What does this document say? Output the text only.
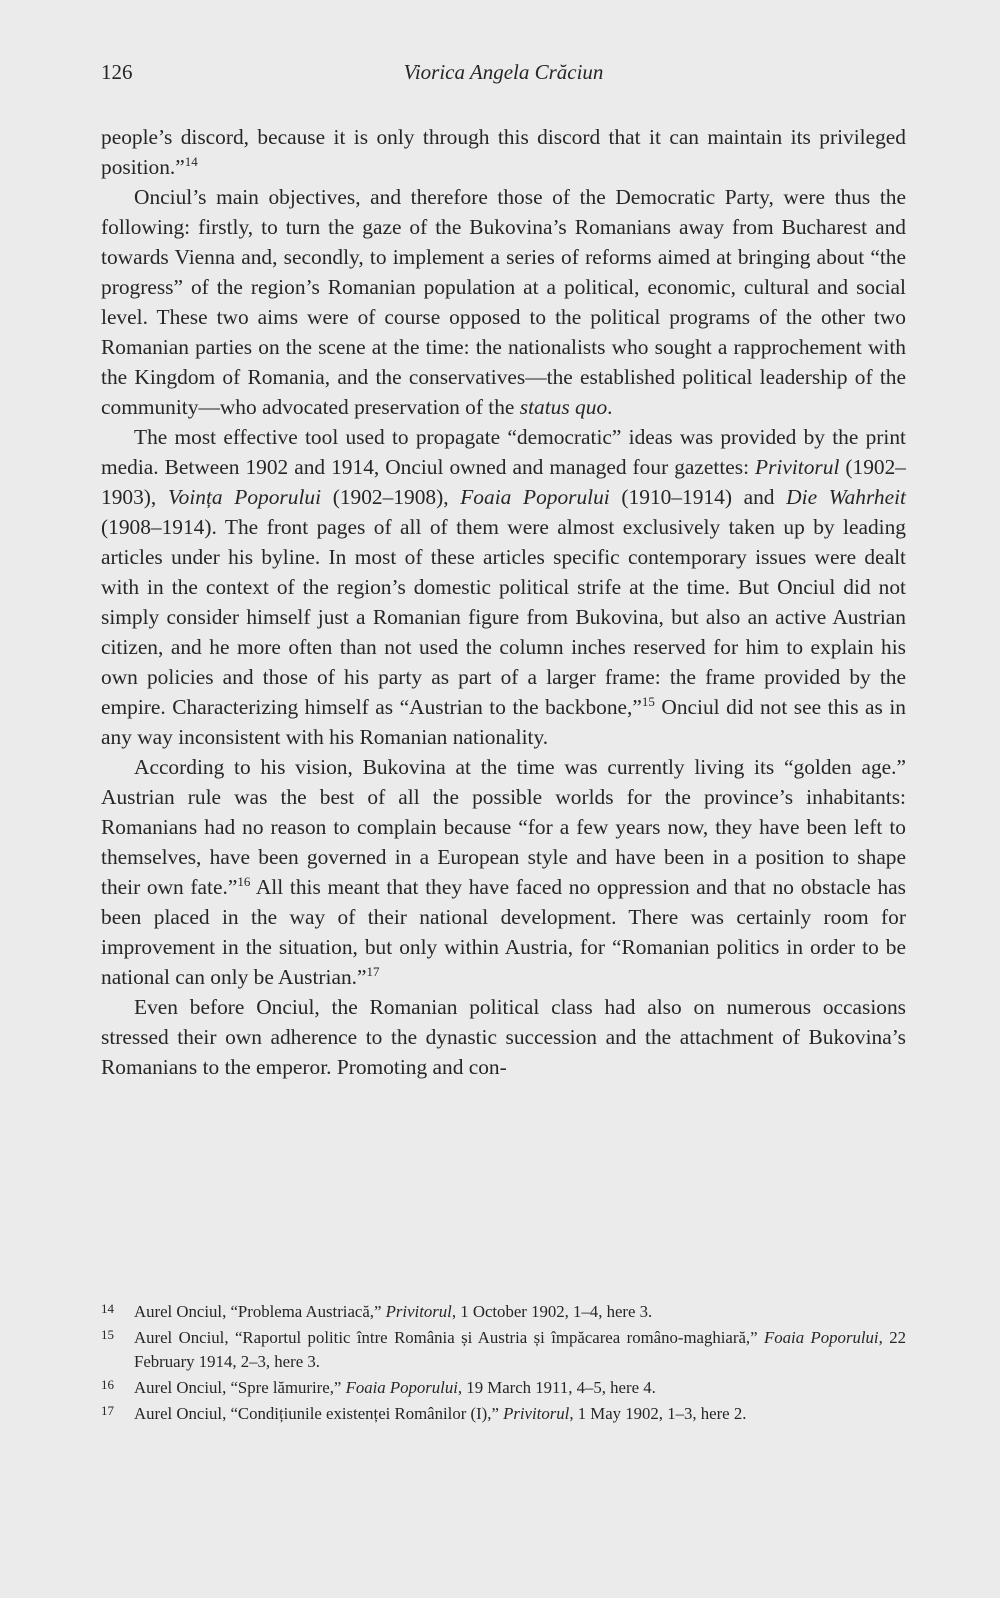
126	Viorica Angela Crăciun

people’s discord, because it is only through this discord that it can maintain its privileged position.”$^{14}$

Onciul’s main objectives, and therefore those of the Democratic Party, were thus the following: firstly, to turn the gaze of the Bukovina’s Romanians away from Bucharest and towards Vienna and, secondly, to implement a series of reforms aimed at bringing about “the progress” of the region’s Romanian population at a political, economic, cultural and social level. These two aims were of course opposed to the political programs of the other two Romanian parties on the scene at the time: the nationalists who sought a rapprochement with the Kingdom of Romania, and the conservatives—the established political leadership of the community—who advocated preservation of the status quo.

The most effective tool used to propagate “democratic” ideas was provided by the print media. Between 1902 and 1914, Onciul owned and managed four gazettes: Privitorul (1902–1903), Voința Poporului (1902–1908), Foaia Poporului (1910–1914) and Die Wahrheit (1908–1914). The front pages of all of them were almost exclusively taken up by leading articles under his byline. In most of these articles specific contemporary issues were dealt with in the context of the region’s domestic political strife at the time. But Onciul did not simply consider himself just a Romanian figure from Bukovina, but also an active Austrian citizen, and he more often than not used the column inches reserved for him to explain his own policies and those of his party as part of a larger frame: the frame provided by the empire. Characterizing himself as “Austrian to the backbone,”$^{15}$ Onciul did not see this as in any way inconsistent with his Romanian nationality.

According to his vision, Bukovina at the time was currently living its “golden age.” Austrian rule was the best of all the possible worlds for the province’s inhabitants: Romanians had no reason to complain because “for a few years now, they have been left to themselves, have been governed in a European style and have been in a position to shape their own fate.”$^{16}$ All this meant that they have faced no oppression and that no obstacle has been placed in the way of their national development. There was certainly room for improvement in the situation, but only within Austria, for “Romanian politics in order to be national can only be Austrian.”$^{17}$

Even before Onciul, the Romanian political class had also on numerous occasions stressed their own adherence to the dynastic succession and the attachment of Bukovina’s Romanians to the emperor. Promoting and con-

14 Aurel Onciul, “Problema Austriacă,” Privitorul, 1 October 1902, 1–4, here 3.
15 Aurel Onciul, “Raportul politic între România și Austria și împăcarea româno-maghiară,” Foaia Poporului, 22 February 1914, 2–3, here 3.
16 Aurel Onciul, “Spre lămurire,” Foaia Poporului, 19 March 1911, 4–5, here 4.
17 Aurel Onciul, “Condițiunile existenței Românilor (I),” Privitorul, 1 May 1902, 1–3, here 2.
